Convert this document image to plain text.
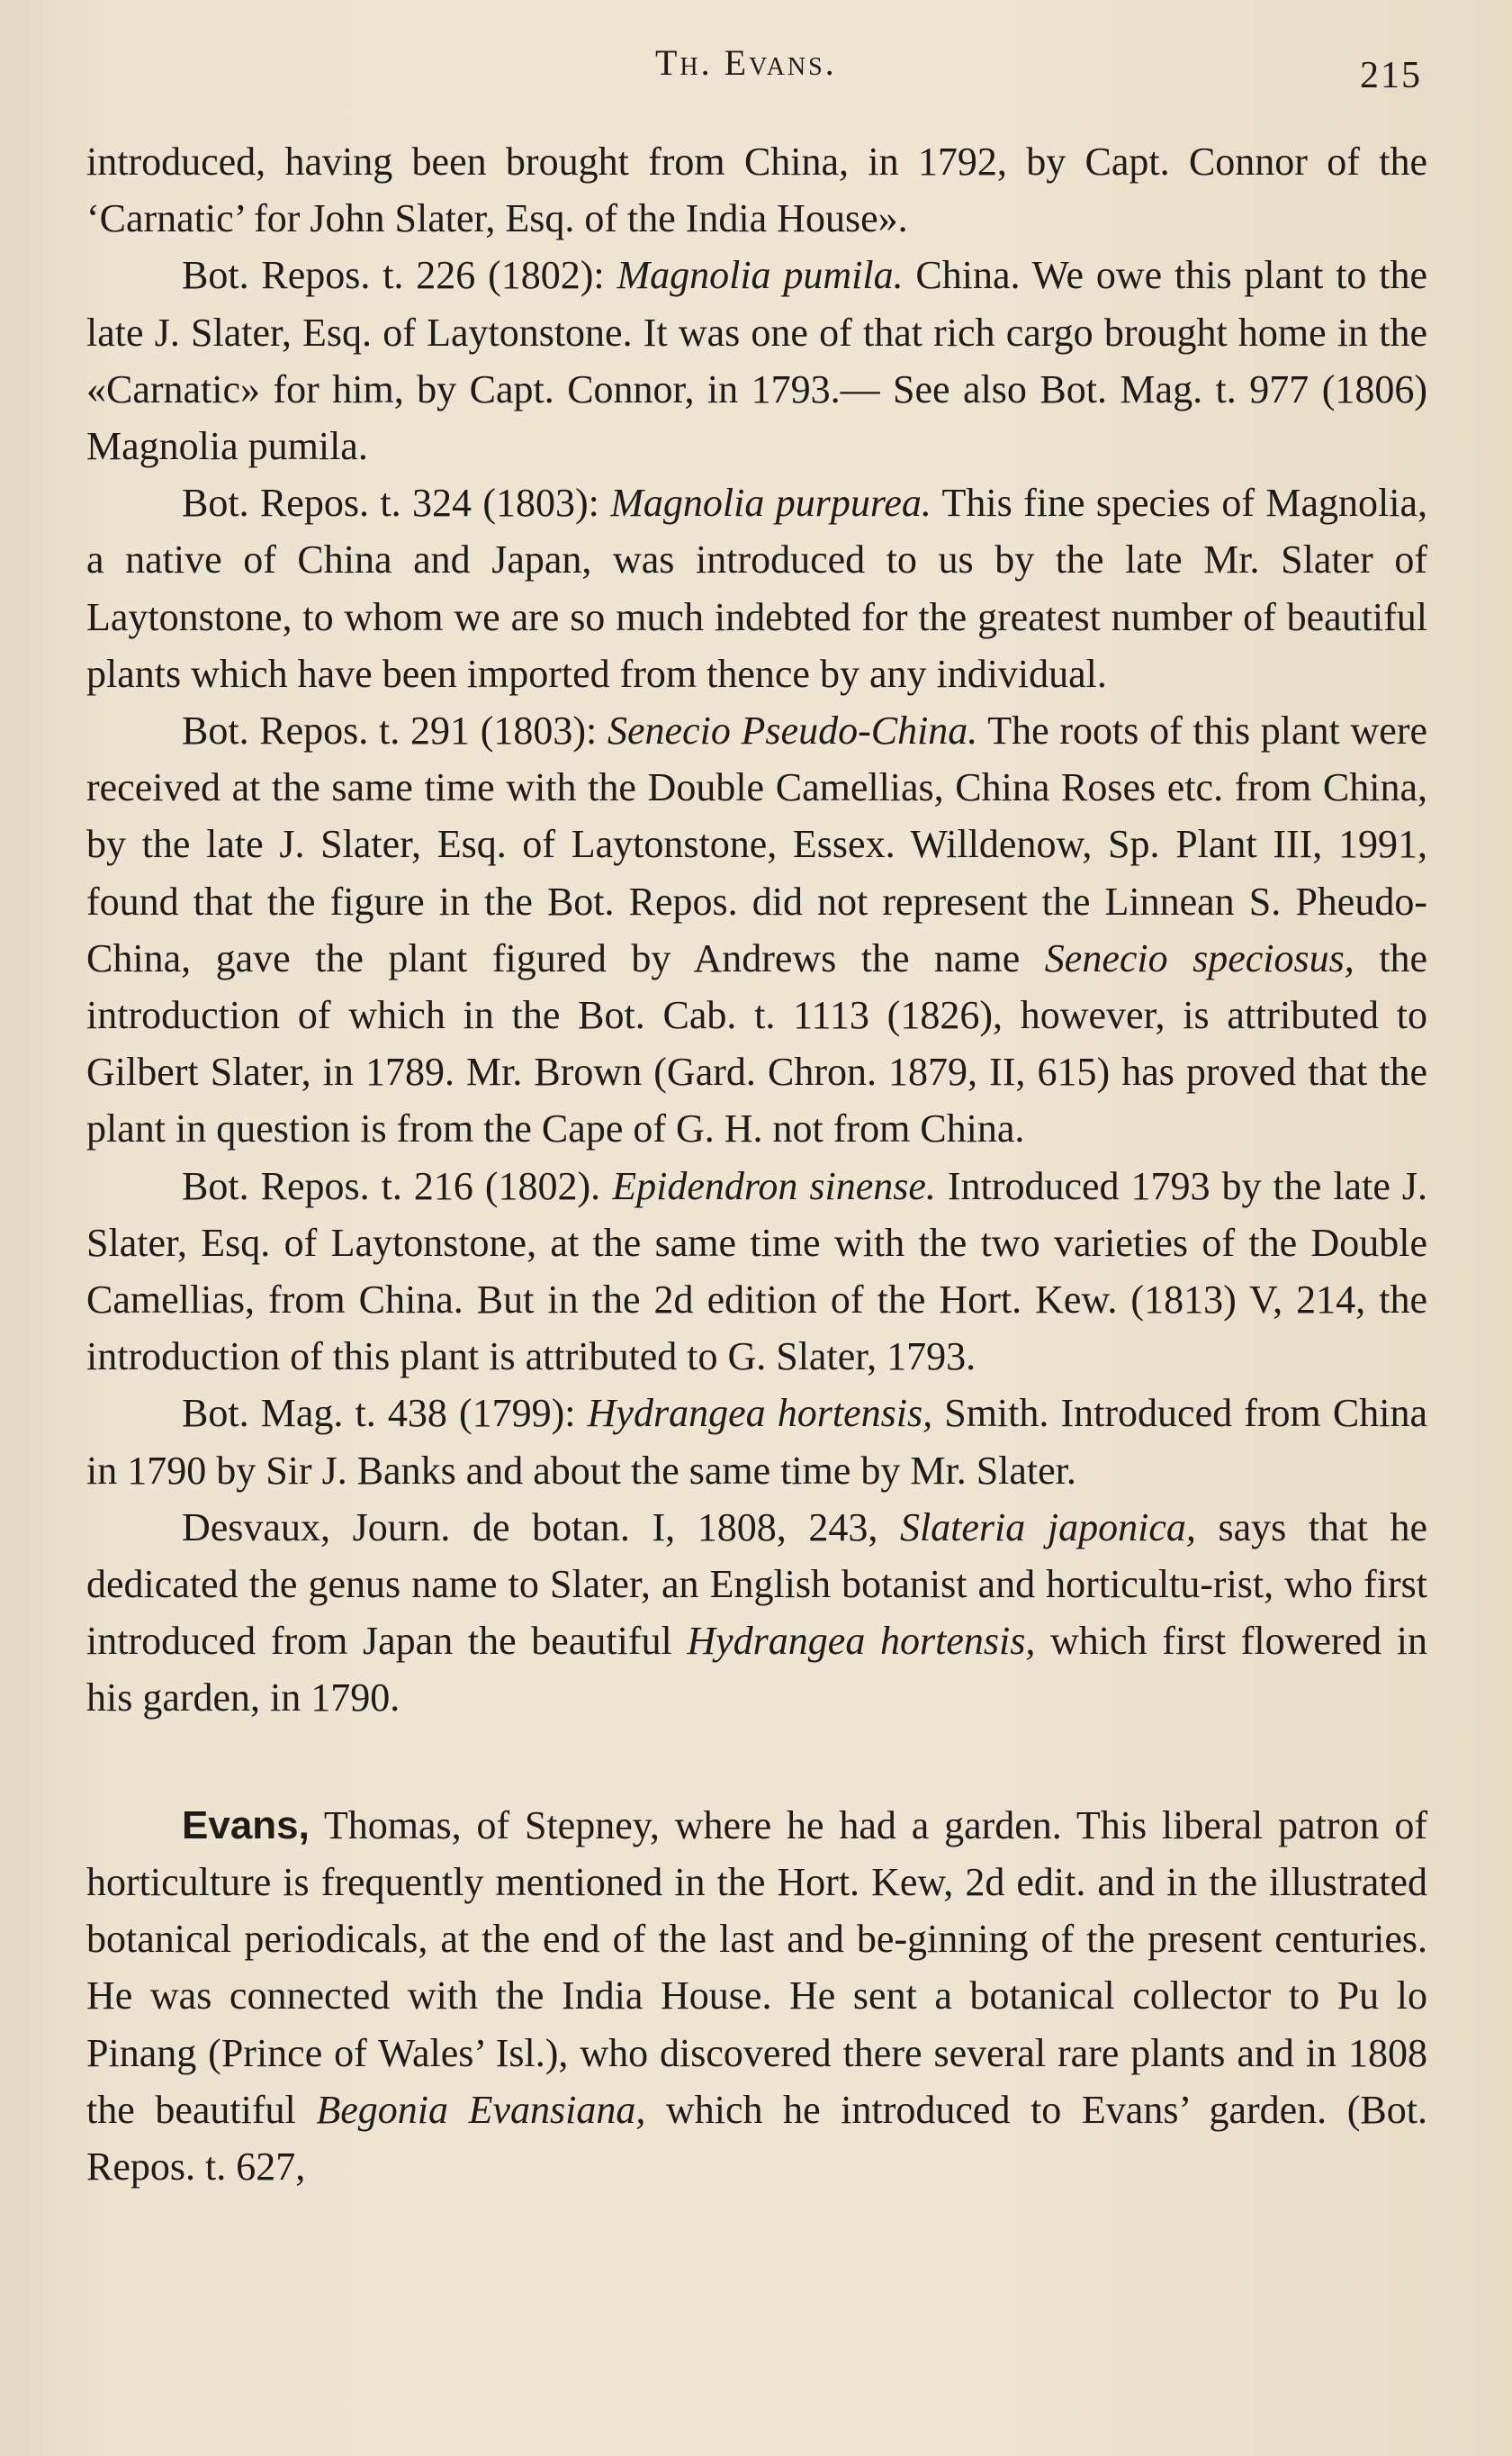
Th. Evans.	215

introduced, having been brought from China, in 1792, by Capt. Connor of the ‘Carnatic’ for John Slater, Esq. of the India House».

Bot. Repos. t. 226 (1802): Magnolia pumila. China. We owe this plant to the late J. Slater, Esq. of Laytonstone. It was one of that rich cargo brought home in the «Carnatic» for him, by Capt. Connor, in 1793.— See also Bot. Mag. t. 977 (1806) Magnolia pumila.

Bot. Repos. t. 324 (1803): Magnolia purpurea. This fine species of Magnolia, a native of China and Japan, was introduced to us by the late Mr. Slater of Laytonstone, to whom we are so much indebted for the greatest number of beautiful plants which have been imported from thence by any individual.

Bot. Repos. t. 291 (1803): Senecio Pseudo-China. The roots of this plant were received at the same time with the Double Camellias, China Roses etc. from China, by the late J. Slater, Esq. of Laytonstone, Essex. Willdenow, Sp. Plant III, 1991, found that the figure in the Bot. Repos. did not represent the Linnean S. Pheudo-China, gave the plant figured by Andrews the name Senecio speciosus, the introduction of which in the Bot. Cab. t. 1113 (1826), however, is attributed to Gilbert Slater, in 1789. Mr. Brown (Gard. Chron. 1879, II, 615) has proved that the plant in question is from the Cape of G. H. not from China.

Bot. Repos. t. 216 (1802). Epidendron sinense. Introduced 1793 by the late J. Slater, Esq. of Laytonstone, at the same time with the two varieties of the Double Camellias, from China. But in the 2d edition of the Hort. Kew. (1813) V, 214, the introduction of this plant is attributed to G. Slater, 1793.

Bot. Mag. t. 438 (1799): Hydrangea hortensis, Smith. Introduced from China in 1790 by Sir J. Banks and about the same time by Mr. Slater.

Desvaux, Journ. de botan. I, 1808, 243, Slateria japonica, says that he dedicated the genus name to Slater, an English botanist and horticultu-rist, who first introduced from Japan the beautiful Hydrangea hortensis, which first flowered in his garden, in 1790.

Evans, Thomas, of Stepney, where he had a garden. This liberal patron of horticulture is frequently mentioned in the Hort. Kew, 2d edit. and in the illustrated botanical periodicals, at the end of the last and be-ginning of the present centuries. He was connected with the India House. He sent a botanical collector to Pu lo Pinang (Prince of Wales’ Isl.), who discovered there several rare plants and in 1808 the beautiful Begonia Evansiana, which he introduced to Evans’ garden. (Bot. Repos. t. 627,
